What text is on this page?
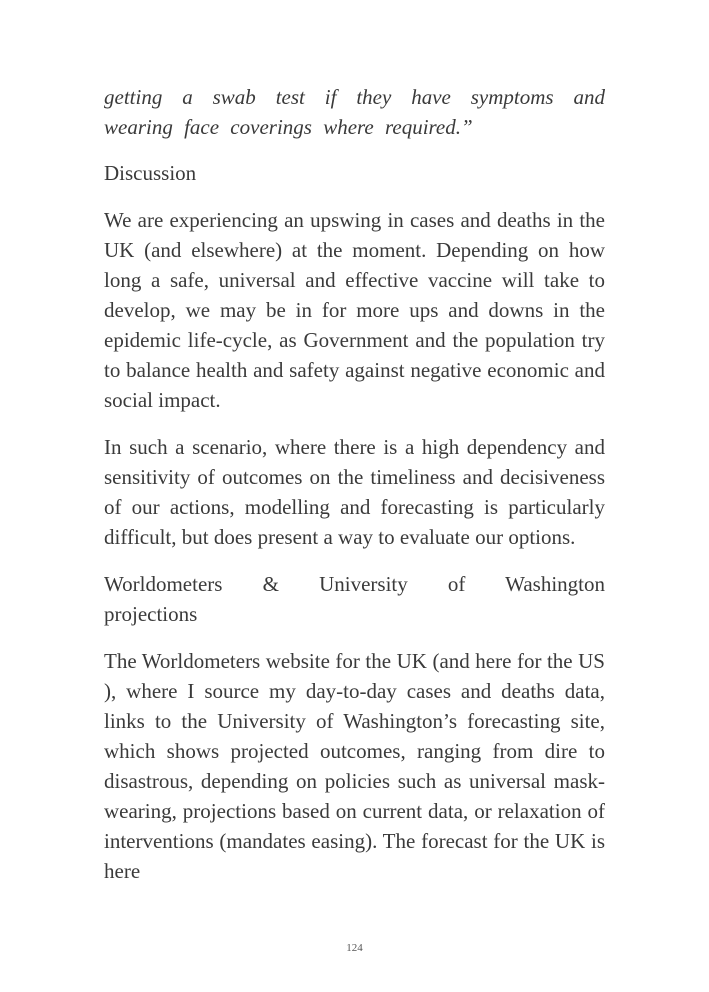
getting a swab test if they have symptoms and
wearing face coverings where required.”

Discussion

We are experiencing an upswing in cases and deaths in the UK (and elsewhere) at the moment. Depending on how long a safe, universal and effective vaccine will take to develop, we may be in for more ups and downs in the epidemic life-cycle, as Government and the population try to balance health and safety against negative economic and social impact.

In such a scenario, where there is a high dependency and sensitivity of outcomes on the timeliness and decisiveness of our actions, modelling and forecasting is particularly difficult, but does present a way to evaluate our options.

Worldometers & University of Washington
projections

The Worldometers website for the UK (and here for the US ), where I source my day-to-day cases and deaths data, links to the University of Washington’s forecasting site, which shows projected outcomes, ranging from dire to disastrous, depending on policies such as universal mask-wearing, projections based on current data, or relaxation of interventions (mandates easing). The forecast for the UK is here

124
